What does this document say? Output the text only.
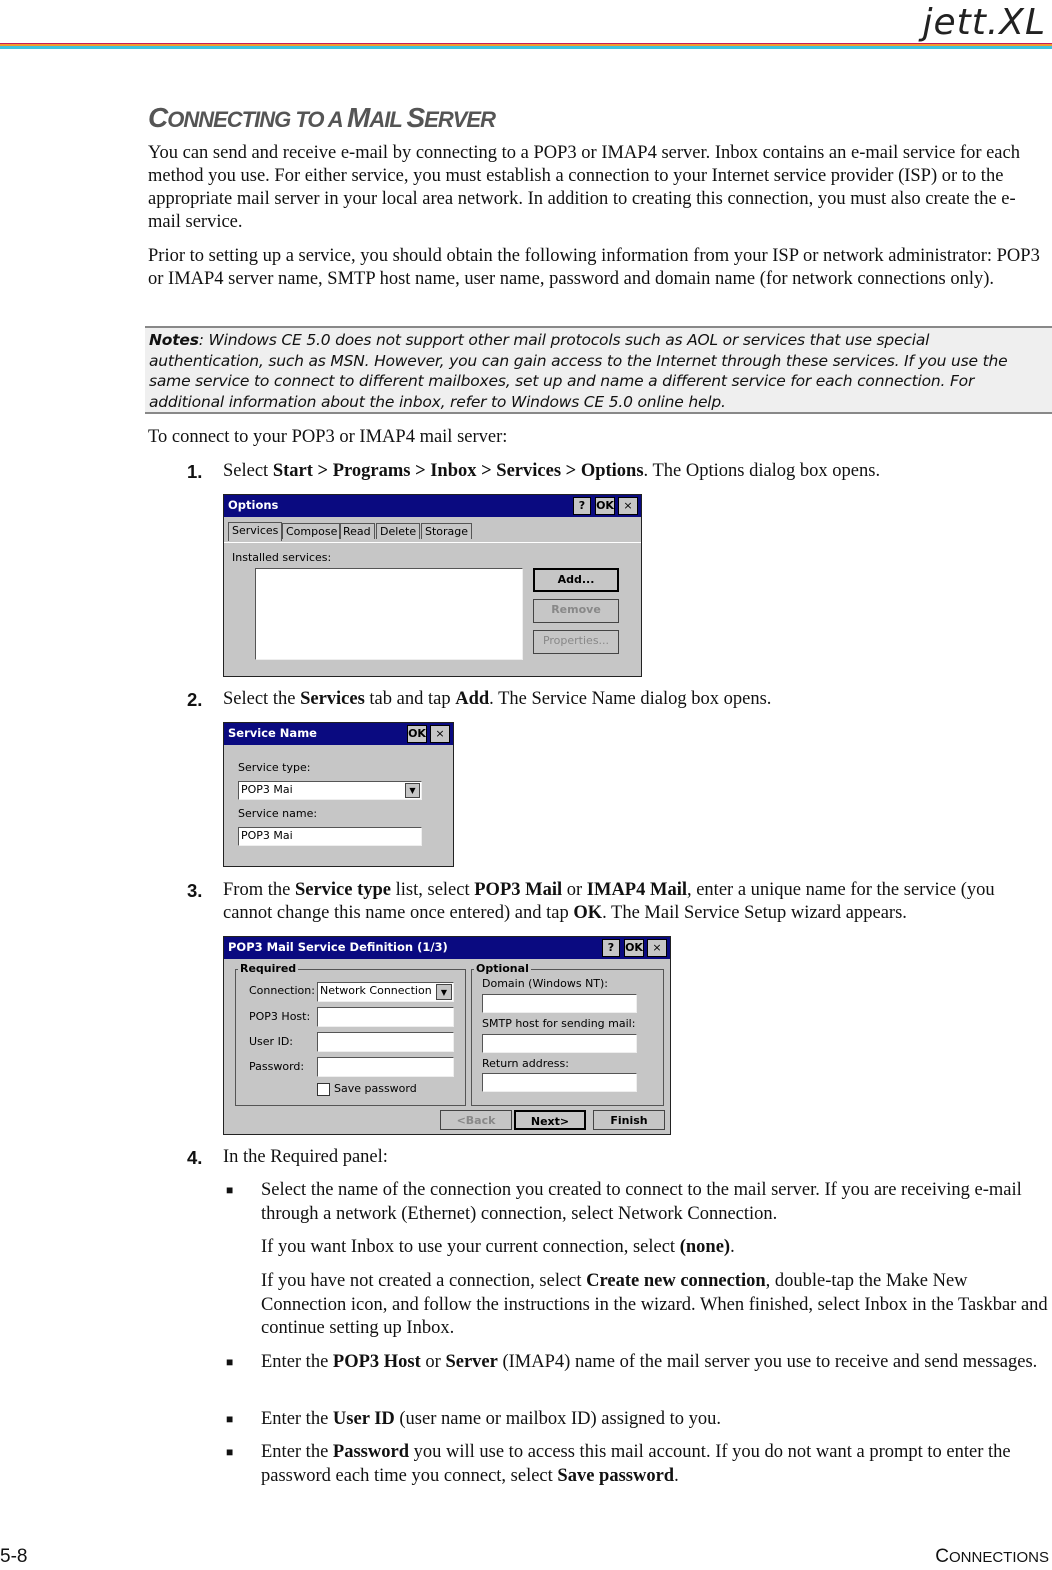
jett.XL
CONNECTING TO A MAIL SERVER

You can send and receive e-mail by connecting to a POP3 or IMAP4 server. Inbox contains an e-mail service for each method you use. For either service, you must establish a connection to your Internet service provider (ISP) or to the appropriate mail server in your local area network. In addition to creating this connection, you must also create the e-mail service.

Prior to setting up a service, you should obtain the following information from your ISP or network administrator: POP3 or IMAP4 server name, SMTP host name, user name, password and domain name (for network connections only).

Notes: Windows CE 5.0 does not support other mail protocols such as AOL or services that use special authentication, such as MSN. However, you can gain access to the Internet through these services. If you use the same service to connect to different mailboxes, set up and name a different service for each connection. For additional information about the inbox, refer to Windows CE 5.0 online help.

To connect to your POP3 or IMAP4 mail server:

1. Select Start > Programs > Inbox > Services > Options. The Options dialog box opens.
Options	? OK ×
Services Compose Read Delete Storage
Installed services:
Add...
Remove
Properties...
2. Select the Services tab and tap Add. The Service Name dialog box opens.
Service Name	OK ×
Service type:
POP3 Mai	▼
Service name:
POP3 Mai
3. From the Service type list, select POP3 Mail or IMAP4 Mail, enter a unique name for the service (you cannot change this name once entered) and tap OK. The Mail Service Setup wizard appears.
POP3 Mail Service Definition (1/3)	? OK ×
Required
Connection: Network Connection	▼
POP3 Host:
User ID:
Password:
Save password
Optional
Domain (Windows NT):
SMTP host for sending mail:
Return address:
<Back	Next>	Finish
4. In the Required panel:
■ Select the name of the connection you created to connect to the mail server. If you are receiving e-mail through a network (Ethernet) connection, select Network Connection.
If you want Inbox to use your current connection, select (none).
If you have not created a connection, select Create new connection, double-tap the Make New Connection icon, and follow the instructions in the wizard. When finished, select Inbox in the Taskbar and continue setting up Inbox.
■ Enter the POP3 Host or Server (IMAP4) name of the mail server you use to receive and send messages.
■ Enter the User ID (user name or mailbox ID) assigned to you.
■ Enter the Password you will use to access this mail account. If you do not want a prompt to enter the password each time you connect, select Save password.
5-8	CONNECTIONS
